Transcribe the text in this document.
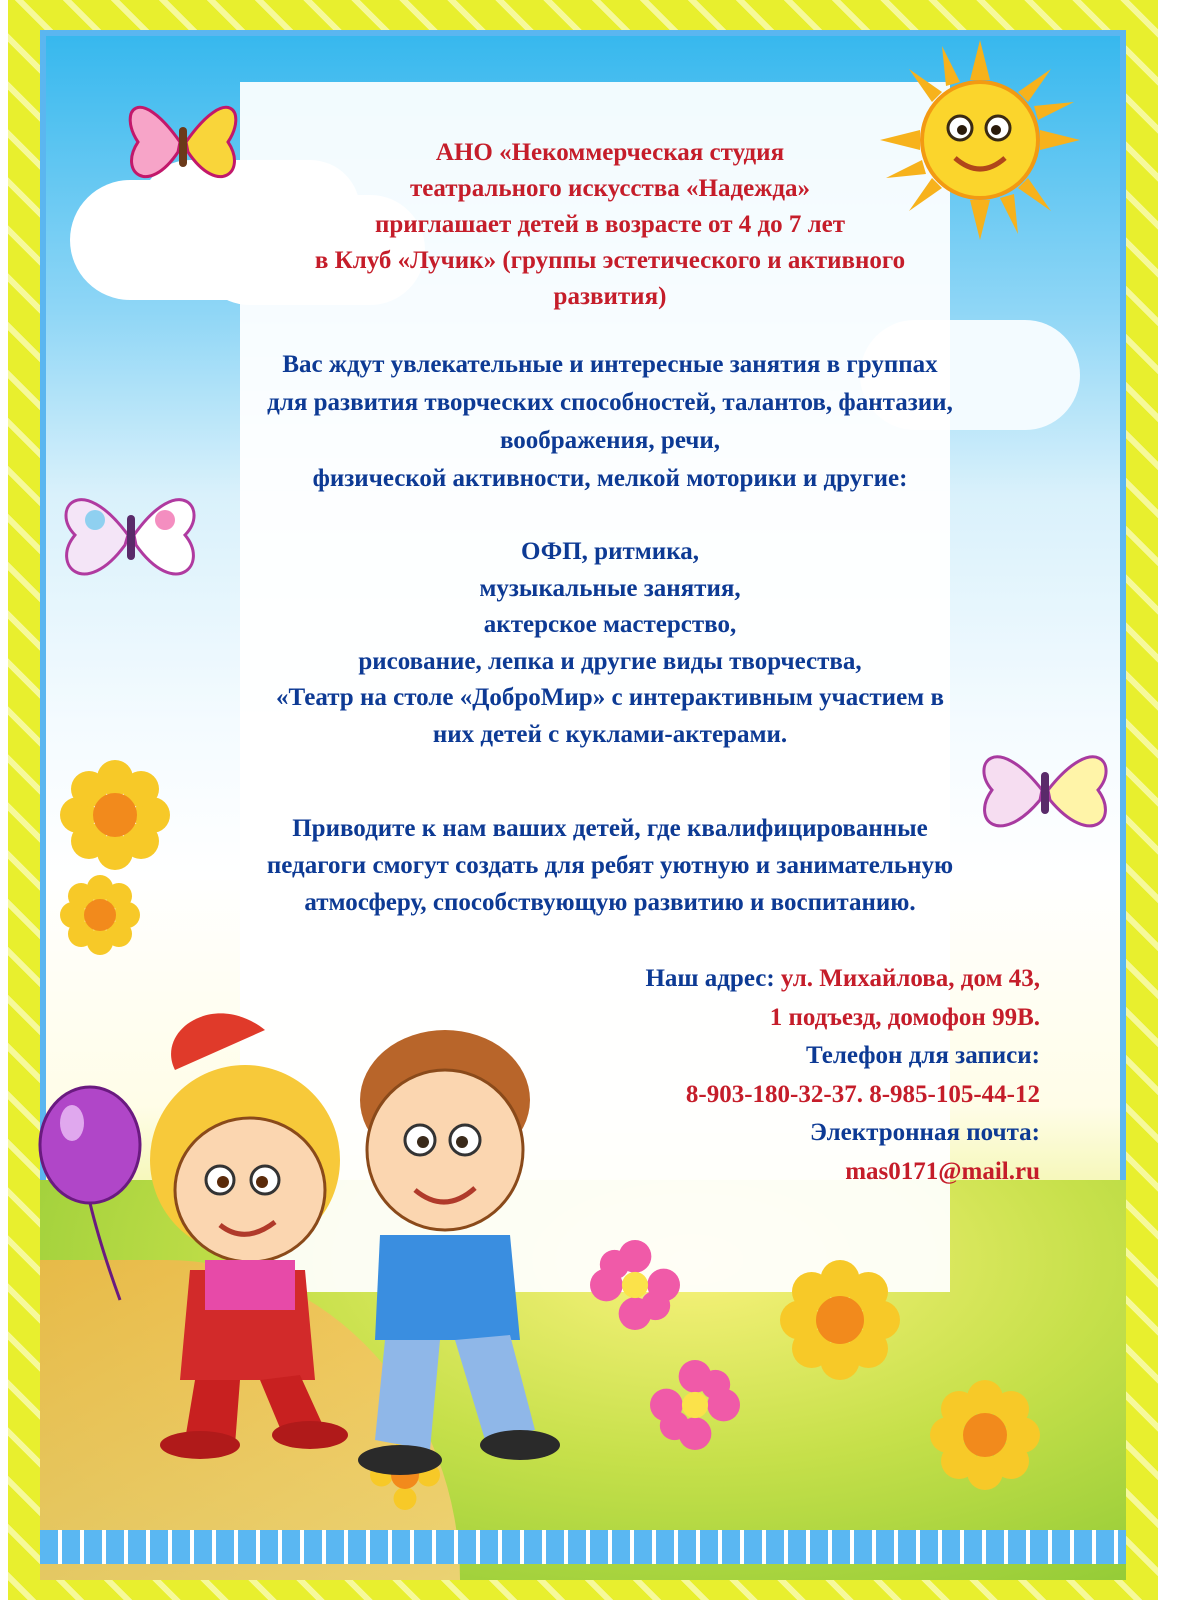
АНО «Некоммерческая студия
театрального искусства «Надежда»
приглашает детей в возрасте от 4 до 7 лет
в Клуб «Лучик» (группы эстетического и активного
развития)
Вас ждут увлекательные и интересные занятия в группах
для развития творческих способностей, талантов, фантазии,
воображения, речи,
физической активности, мелкой моторики и другие:
ОФП, ритмика,
музыкальные занятия,
актерское мастерство,
рисование, лепка и другие виды творчества,
«Театр на столе «ДоброМир» с интерактивным участием в
них детей с куклами-актерами.
Приводите к нам ваших детей, где квалифицированные
педагоги смогут создать для ребят уютную и занимательную
атмосферу, способствующую развитию и воспитанию.
Наш адрес: ул. Михайлова, дом 43,
1 подъезд, домофон 99В.
Телефон для записи:
8-903-180-32-37. 8-985-105-44-12
Электронная почта:
mas0171@mail.ru
